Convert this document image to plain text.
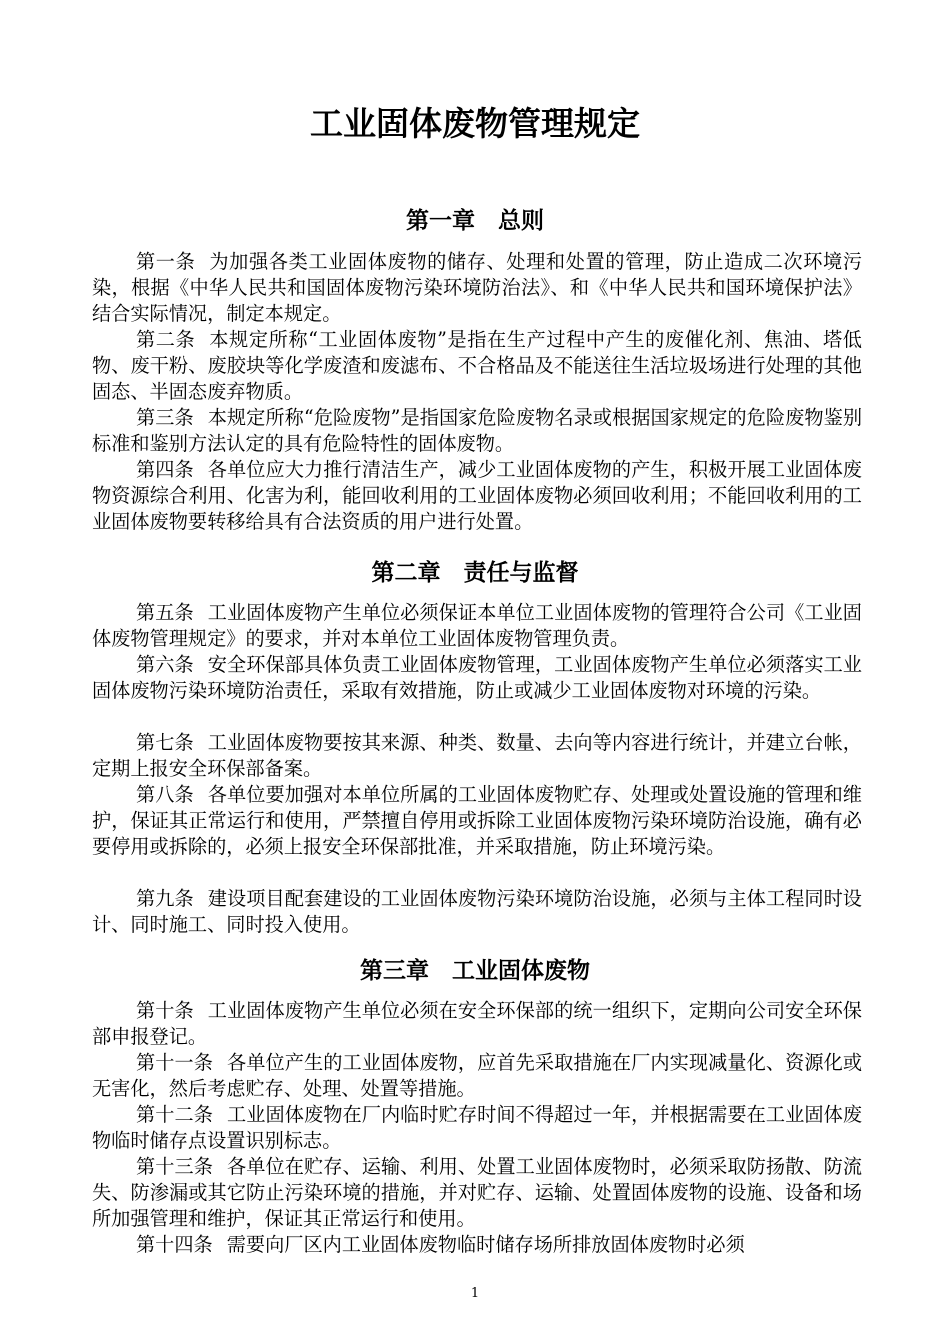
工业固体废物管理规定
第一章　总则

第一条 为加强各类工业固体废物的储存、处理和处置的管理，防止造成二次环境污染，根据《中华人民共和国固体废物污染环境防治法》、和《中华人民共和国环境保护法》结合实际情况，制定本规定。

第二条 本规定所称“工业固体废物”是指在生产过程中产生的废催化剂、焦油、塔低物、废干粉、废胶块等化学废渣和废滤布、不合格品及不能送往生活垃圾场进行处理的其他固态、半固态废弃物质。

第三条 本规定所称“危险废物”是指国家危险废物名录或根据国家规定的危险废物鉴别标准和鉴别方法认定的具有危险特性的固体废物。

第四条 各单位应大力推行清洁生产，减少工业固体废物的产生，积极开展工业固体废物资源综合利用、化害为利，能回收利用的工业固体废物必须回收利用；不能回收利用的工业固体废物要转移给具有合法资质的用户进行处置。

第二章　责任与监督

第五条 工业固体废物产生单位必须保证本单位工业固体废物的管理符合公司《工业固体废物管理规定》的要求，并对本单位工业固体废物管理负责。

第六条 安全环保部具体负责工业固体废物管理，工业固体废物产生单位必须落实工业固体废物污染环境防治责任，采取有效措施，防止或减少工业固体废物对环境的污染。

第七条 工业固体废物要按其来源、种类、数量、去向等内容进行统计，并建立台帐，定期上报安全环保部备案。

第八条 各单位要加强对本单位所属的工业固体废物贮存、处理或处置设施的管理和维护，保证其正常运行和使用，严禁擅自停用或拆除工业固体废物污染环境防治设施，确有必要停用或拆除的，必须上报安全环保部批准，并采取措施，防止环境污染。

第九条 建设项目配套建设的工业固体废物污染环境防治设施，必须与主体工程同时设计、同时施工、同时投入使用。

第三章　工业固体废物

第十条 工业固体废物产生单位必须在安全环保部的统一组织下，定期向公司安全环保部申报登记。

第十一条 各单位产生的工业固体废物，应首先采取措施在厂内实现减量化、资源化或无害化，然后考虑贮存、处理、处置等措施。

第十二条 工业固体废物在厂内临时贮存时间不得超过一年，并根据需要在工业固体废物临时储存点设置识别标志。

第十三条 各单位在贮存、运输、利用、处置工业固体废物时，必须采取防扬散、防流失、防渗漏或其它防止污染环境的措施，并对贮存、运输、处置固体废物的设施、设备和场所加强管理和维护，保证其正常运行和使用。

第十四条 需要向厂区内工业固体废物临时储存场所排放固体废物时必须

1
